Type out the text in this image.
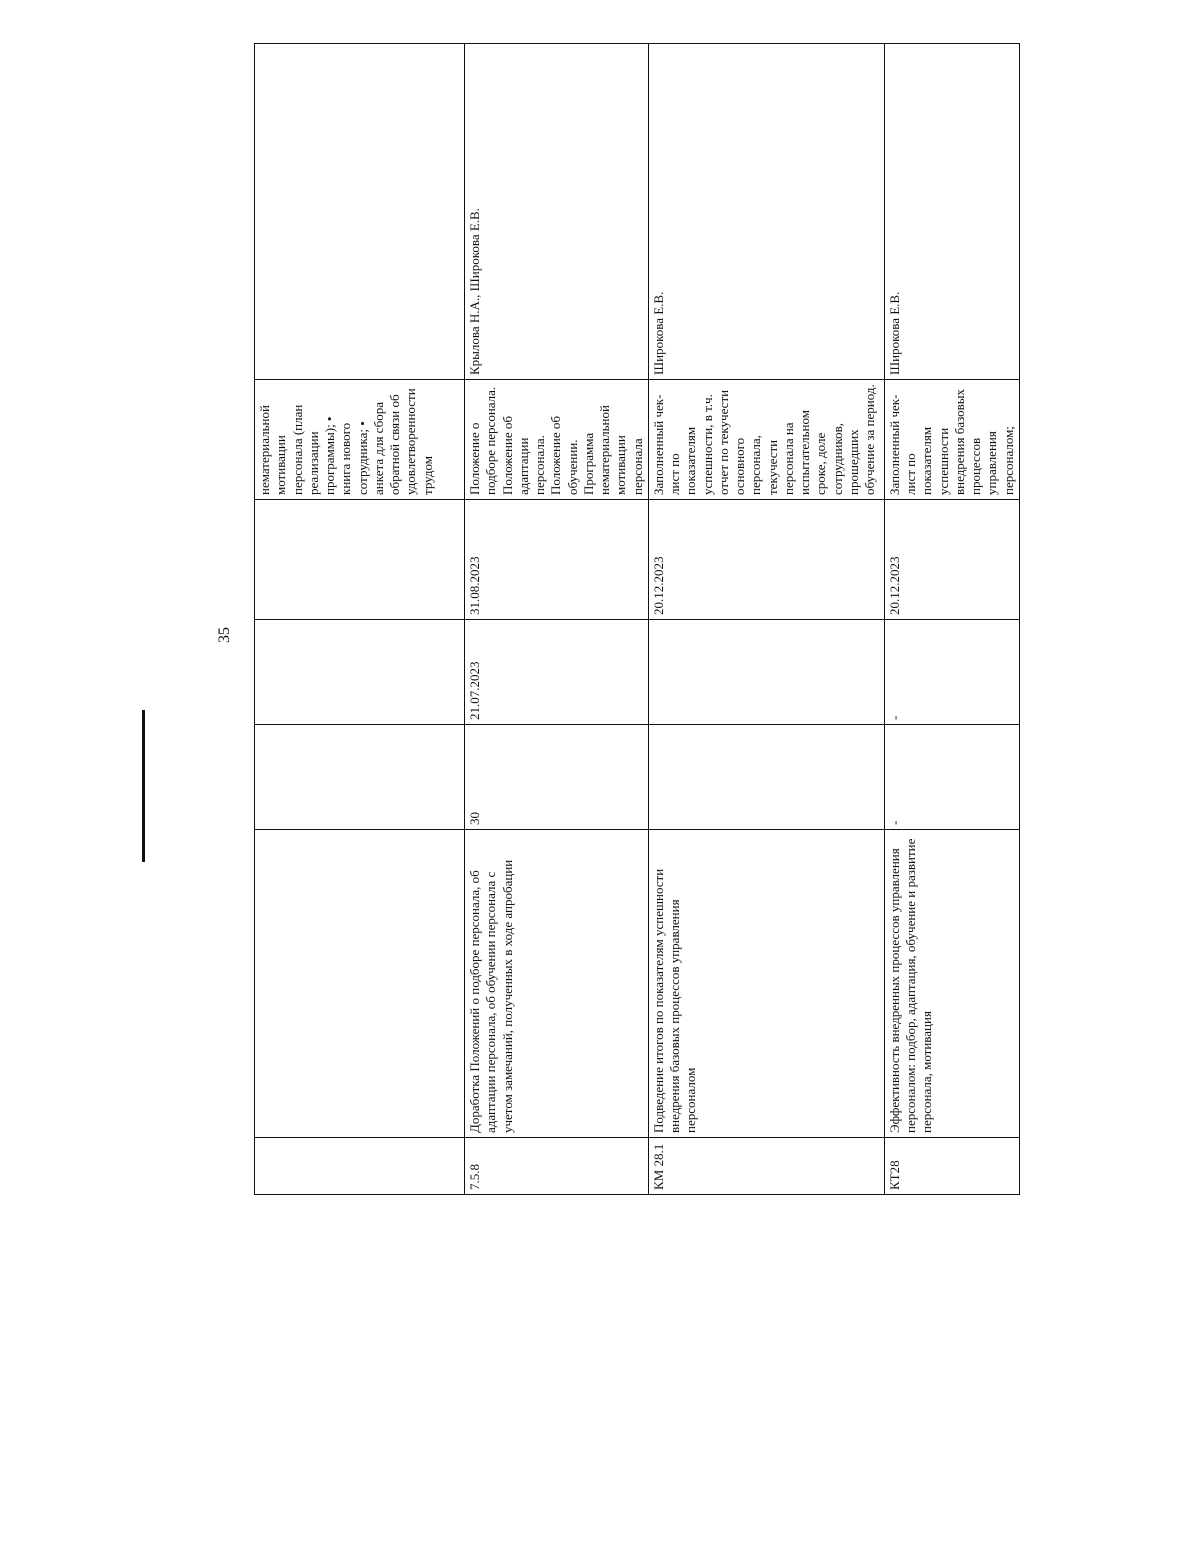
35
					нематериальной мотивации персонала (план реализации программы); • книга нового сотрудника; • анкета для сбора обратной связи об удовлетворенности трудом	
7.5.8	Доработка Положений о подборе персонала, об адаптации персонала, об обучении персонала с учетом замечаний, полученных в ходе апробации	30	21.07.2023	31.08.2023	Положение о подборе персонала. Положение об адаптации персонала. Положение об обучении. Программа нематериальной мотивации персонала	Крылова Н.А., Широкова Е.В.
КМ 28.1	Подведение итогов по показателям успешности внедрения базовых процессов управления персоналом			20.12.2023	Заполненный чек-лист по показателям успешности, в т.ч. отчет по текучести основного персонала, текучести персонала на испытательном сроке, доле сотрудников, прошедших обучение за период.	Широкова Е.В.
КТ28	Эффективность внедренных процессов управления персоналом: подбор, адаптация, обучение и развитие персонала, мотивация	-	-	20.12.2023	Заполненный чек-лист по показателям успешности внедрения базовых процессов управления персоналом;	Широкова Е.В.
